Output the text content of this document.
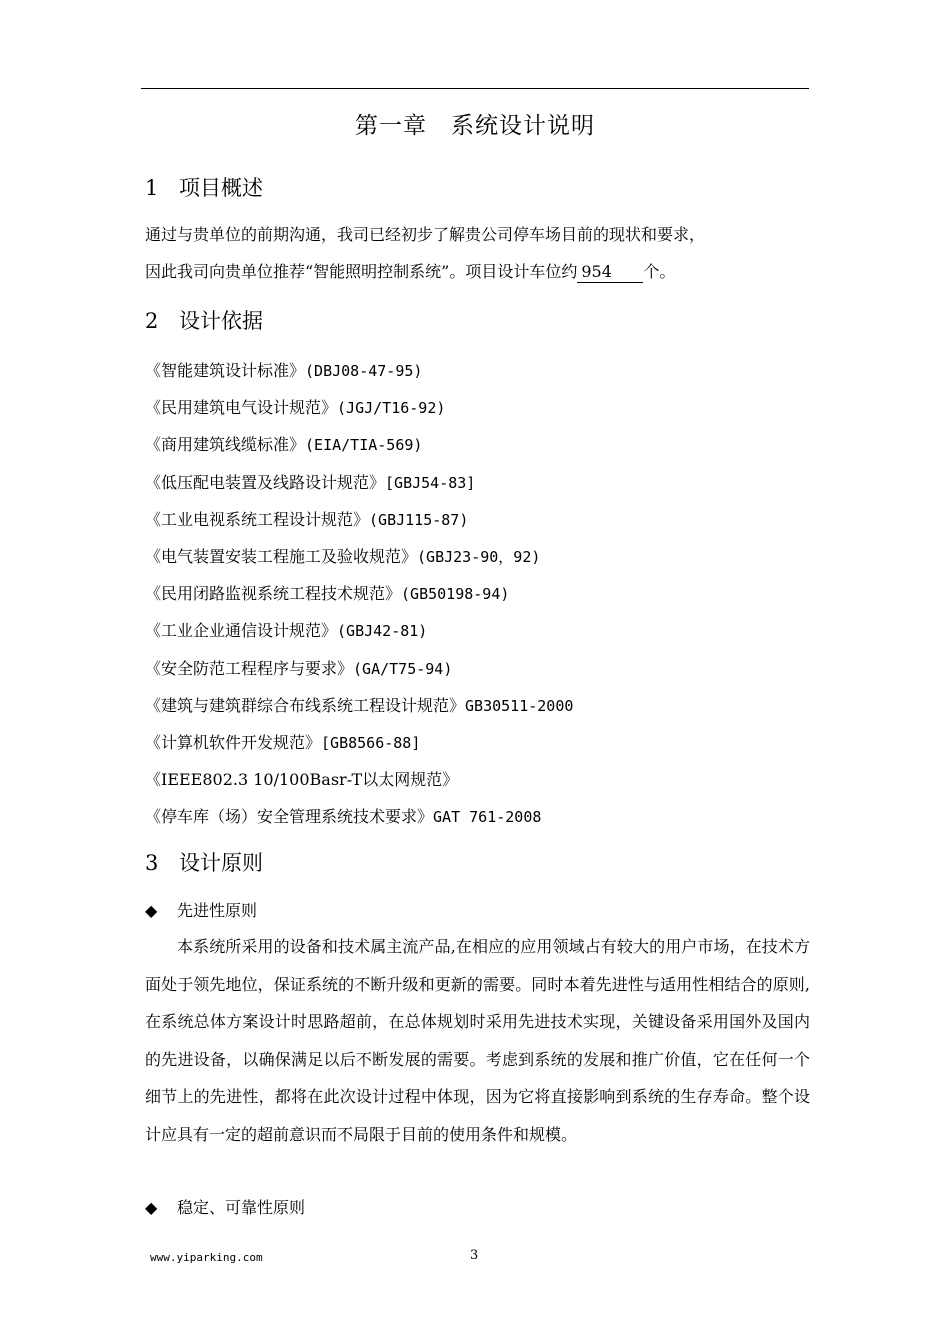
第一章　系统设计说明
1 项目概述

通过与贵单位的前期沟通，我司已经初步了解贵公司停车场目前的现状和要求，

因此我司向贵单位推荐“智能照明控制系统”。项目设计车位约 954 个。

2 设计依据
《智能建筑设计标准》(DBJ08-47-95)
《民用建筑电气设计规范》(JGJ/T16-92)
《商用建筑线缆标准》(EIA/TIA-569)
《低压配电装置及线路设计规范》[GBJ54-83]
《工业电视系统工程设计规范》(GBJ115-87)
《电气装置安装工程施工及验收规范》(GBJ23-90，92)
《民用闭路监视系统工程技术规范》(GB50198-94)
《工业企业通信设计规范》(GBJ42-81)
《安全防范工程程序与要求》(GA/T75-94)
《建筑与建筑群综合布线系统工程设计规范》GB30511-2000
《计算机软件开发规范》[GB8566-88]
《IEEE802.3 10/100Basr-T以太网规范》
《停车库（场）安全管理系统技术要求》GAT 761-2008
3 设计原则
◆ 先进性原则

本系统所采用的设备和技术属主流产品,在相应的应用领域占有较大的用户市场，在技术方面处于领先地位，保证系统的不断升级和更新的需要。同时本着先进性与适用性相结合的原则,在系统总体方案设计时思路超前，在总体规划时采用先进技术实现，关键设备采用国外及国内的先进设备，以确保满足以后不断发展的需要。考虑到系统的发展和推广价值，它在任何一个细节上的先进性，都将在此次设计过程中体现，因为它将直接影响到系统的生存寿命。整个设计应具有一定的超前意识而不局限于目前的使用条件和规模。

◆ 稳定、可靠性原则
www.yiparking.com	3
